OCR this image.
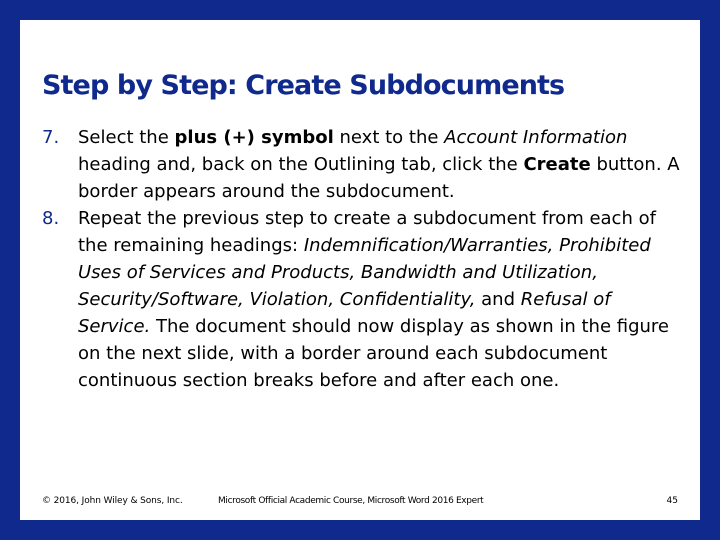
Step by Step: Create Subdocuments
7. Select the plus (+) symbol next to the Account Information heading and, back on the Outlining tab, click the Create button. A border appears around the subdocument.
8. Repeat the previous step to create a subdocument from each of the remaining headings: Indemnification/Warranties, Prohibited Uses of Services and Products, Bandwidth and Utilization, Security/Software, Violation, Confidentiality, and Refusal of Service. The document should now display as shown in the figure on the next slide, with a border around each subdocument continuous section breaks before and after each one.
© 2016, John Wiley & Sons, Inc.	Microsoft Official Academic Course, Microsoft Word 2016 Expert	45
